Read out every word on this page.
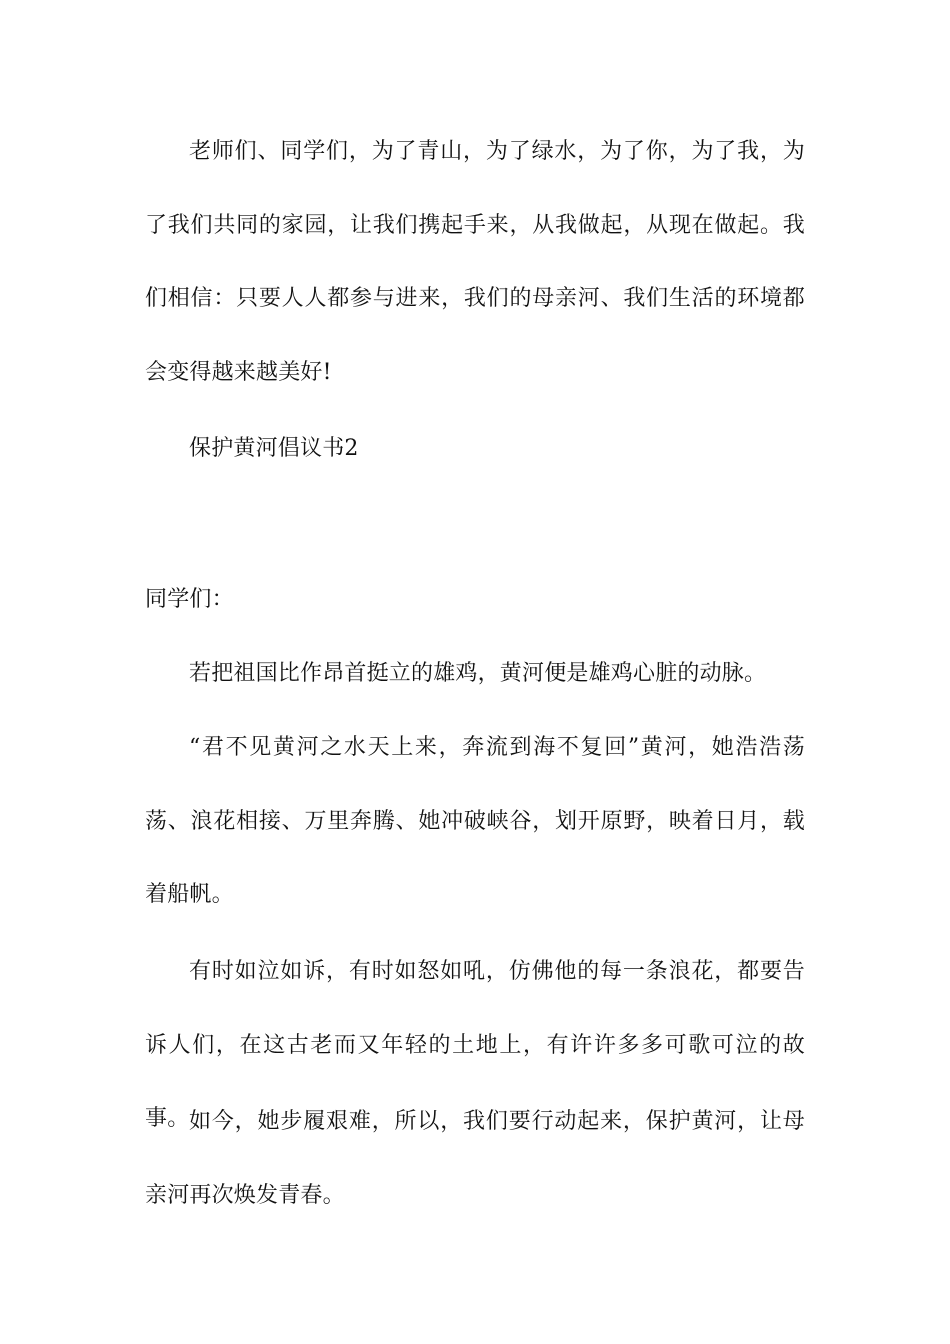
老师们、同学们，为了青山，为了绿水，为了你，为了我，为了我们共同的家园，让我们携起手来，从我做起，从现在做起。我们相信：只要人人都参与进来，我们的母亲河、我们生活的环境都会变得越来越美好!

保护黄河倡议书2

同学们：

若把祖国比作昂首挺立的雄鸡，黄河便是雄鸡心脏的动脉。

“君不见黄河之水天上来，奔流到海不复回”黄河，她浩浩荡荡、浪花相接、万里奔腾、她冲破峡谷，划开原野，映着日月，载着船帆。

有时如泣如诉，有时如怒如吼，仿佛他的每一条浪花，都要告诉人们，在这古老而又年轻的土地上，有许许多多可歌可泣的故事。 如今，她步履艰难，所以，我们要行动起来，保护黄河，让母亲河再次焕发青春。
